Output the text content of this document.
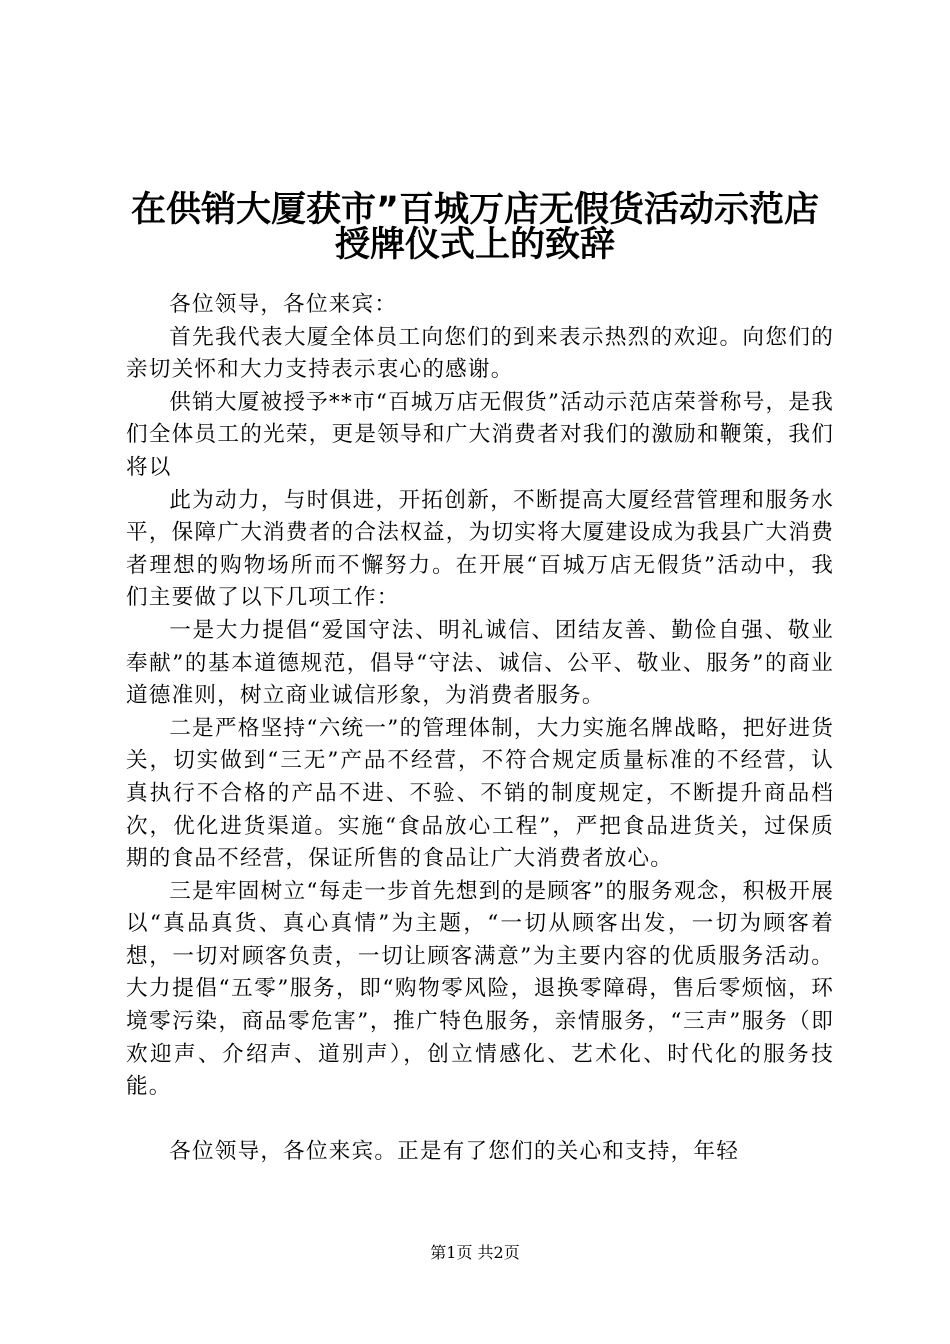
在供销大厦获市”百城万店无假货活动示范店
授牌仪式上的致辞

各位领导，各位来宾：

首先我代表大厦全体员工向您们的到来表示热烈的欢迎。向您们的亲切关怀和大力支持表示衷心的感谢。

供销大厦被授予**市“百城万店无假货”活动示范店荣誉称号，是我们全体员工的光荣，更是领导和广大消费者对我们的激励和鞭策，我们将以

此为动力，与时俱进，开拓创新，不断提高大厦经营管理和服务水平，保障广大消费者的合法权益，为切实将大厦建设成为我县广大消费者理想的购物场所而不懈努力。在开展“百城万店无假货”活动中，我们主要做了以下几项工作：

一是大力提倡“爱国守法、明礼诚信、团结友善、勤俭自强、敬业奉献”的基本道德规范，倡导“守法、诚信、公平、敬业、服务”的商业道德准则，树立商业诚信形象，为消费者服务。

二是严格坚持“六统一”的管理体制，大力实施名牌战略，把好进货关，切实做到“三无”产品不经营，不符合规定质量标准的不经营，认真执行不合格的产品不进、不验、不销的制度规定，不断提升商品档次，优化进货渠道。实施“食品放心工程”，严把食品进货关，过保质期的食品不经营，保证所售的食品让广大消费者放心。

三是牢固树立“每走一步首先想到的是顾客”的服务观念，积极开展以“真品真货、真心真情”为主题，“一切从顾客出发，一切为顾客着想，一切对顾客负责，一切让顾客满意”为主要内容的优质服务活动。大力提倡“五零”服务，即“购物零风险，退换零障碍，售后零烦恼，环境零污染，商品零危害”，推广特色服务，亲情服务，“三声”服务（即欢迎声、介绍声、道别声），创立情感化、艺术化、时代化的服务技能。

各位领导，各位来宾。正是有了您们的关心和支持，年轻

第1页 共2页
